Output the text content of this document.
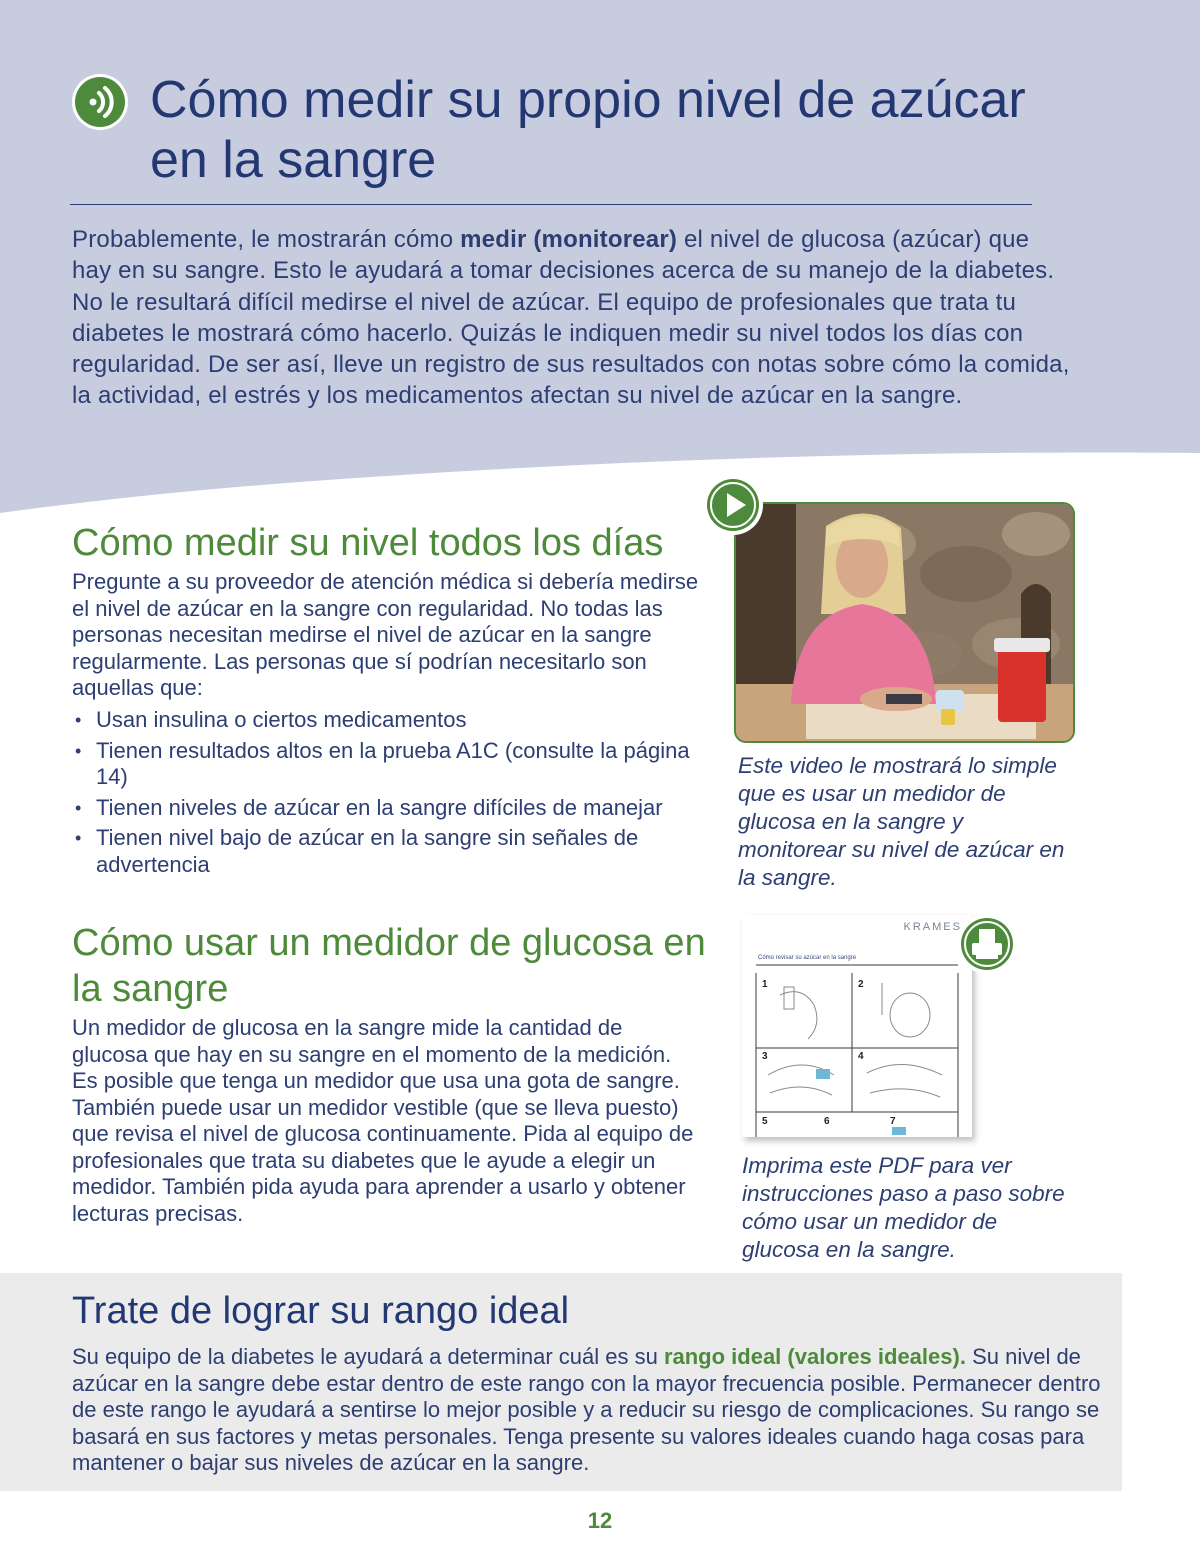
Cómo medir su propio nivel de azúcar en la sangre

Probablemente, le mostrarán cómo medir (monitorear) el nivel de glucosa (azúcar) que hay en su sangre. Esto le ayudará a tomar decisiones acerca de su manejo de la diabetes. No le resultará difícil medirse el nivel de azúcar. El equipo de profesionales que trata tu diabetes le mostrará cómo hacerlo. Quizás le indiquen medir su nivel todos los días con regularidad. De ser así, lleve un registro de sus resultados con notas sobre cómo la comida, la actividad, el estrés y los medicamentos afectan su nivel de azúcar en la sangre.

Cómo medir su nivel todos los días

Pregunte a su proveedor de atención médica si debería medirse el nivel de azúcar en la sangre con regularidad. No todas las personas necesitan medirse el nivel de azúcar en la sangre regularmente. Las personas que sí podrían necesitarlo son aquellas que:

• Usan insulina o ciertos medicamentos
• Tienen resultados altos en la prueba A1C (consulte la página 14)
• Tienen niveles de azúcar en la sangre difíciles de manejar
• Tienen nivel bajo de azúcar en la sangre sin señales de advertencia
Cómo usar un medidor de glucosa en la sangre

Un medidor de glucosa en la sangre mide la cantidad de glucosa que hay en su sangre en el momento de la medición. Es posible que tenga un medidor que usa una gota de sangre. También puede usar un medidor vestible (que se lleva puesto) que revisa el nivel de glucosa continuamente. Pida al equipo de profesionales que trata su diabetes que le ayude a elegir un medidor. También pida ayuda para aprender a usarlo y obtener lecturas precisas.

Este video le mostrará lo simple que es usar un medidor de glucosa en la sangre y monitorear su nivel de azúcar en la sangre.

KRAMES
Cómo revisar su azúcar en la sangre
1	2
3	4
5	6	7

Imprima este PDF para ver instrucciones paso a paso sobre cómo usar un medidor de glucosa en la sangre.

Trate de lograr su rango ideal

Su equipo de la diabetes le ayudará a determinar cuál es su rango ideal (valores ideales). Su nivel de azúcar en la sangre debe estar dentro de este rango con la mayor frecuencia posible. Permanecer dentro de este rango le ayudará a sentirse lo mejor posible y a reducir su riesgo de complicaciones. Su rango se basará en sus factores y metas personales. Tenga presente su valores ideales cuando haga cosas para mantener o bajar sus niveles de azúcar en la sangre.

12
